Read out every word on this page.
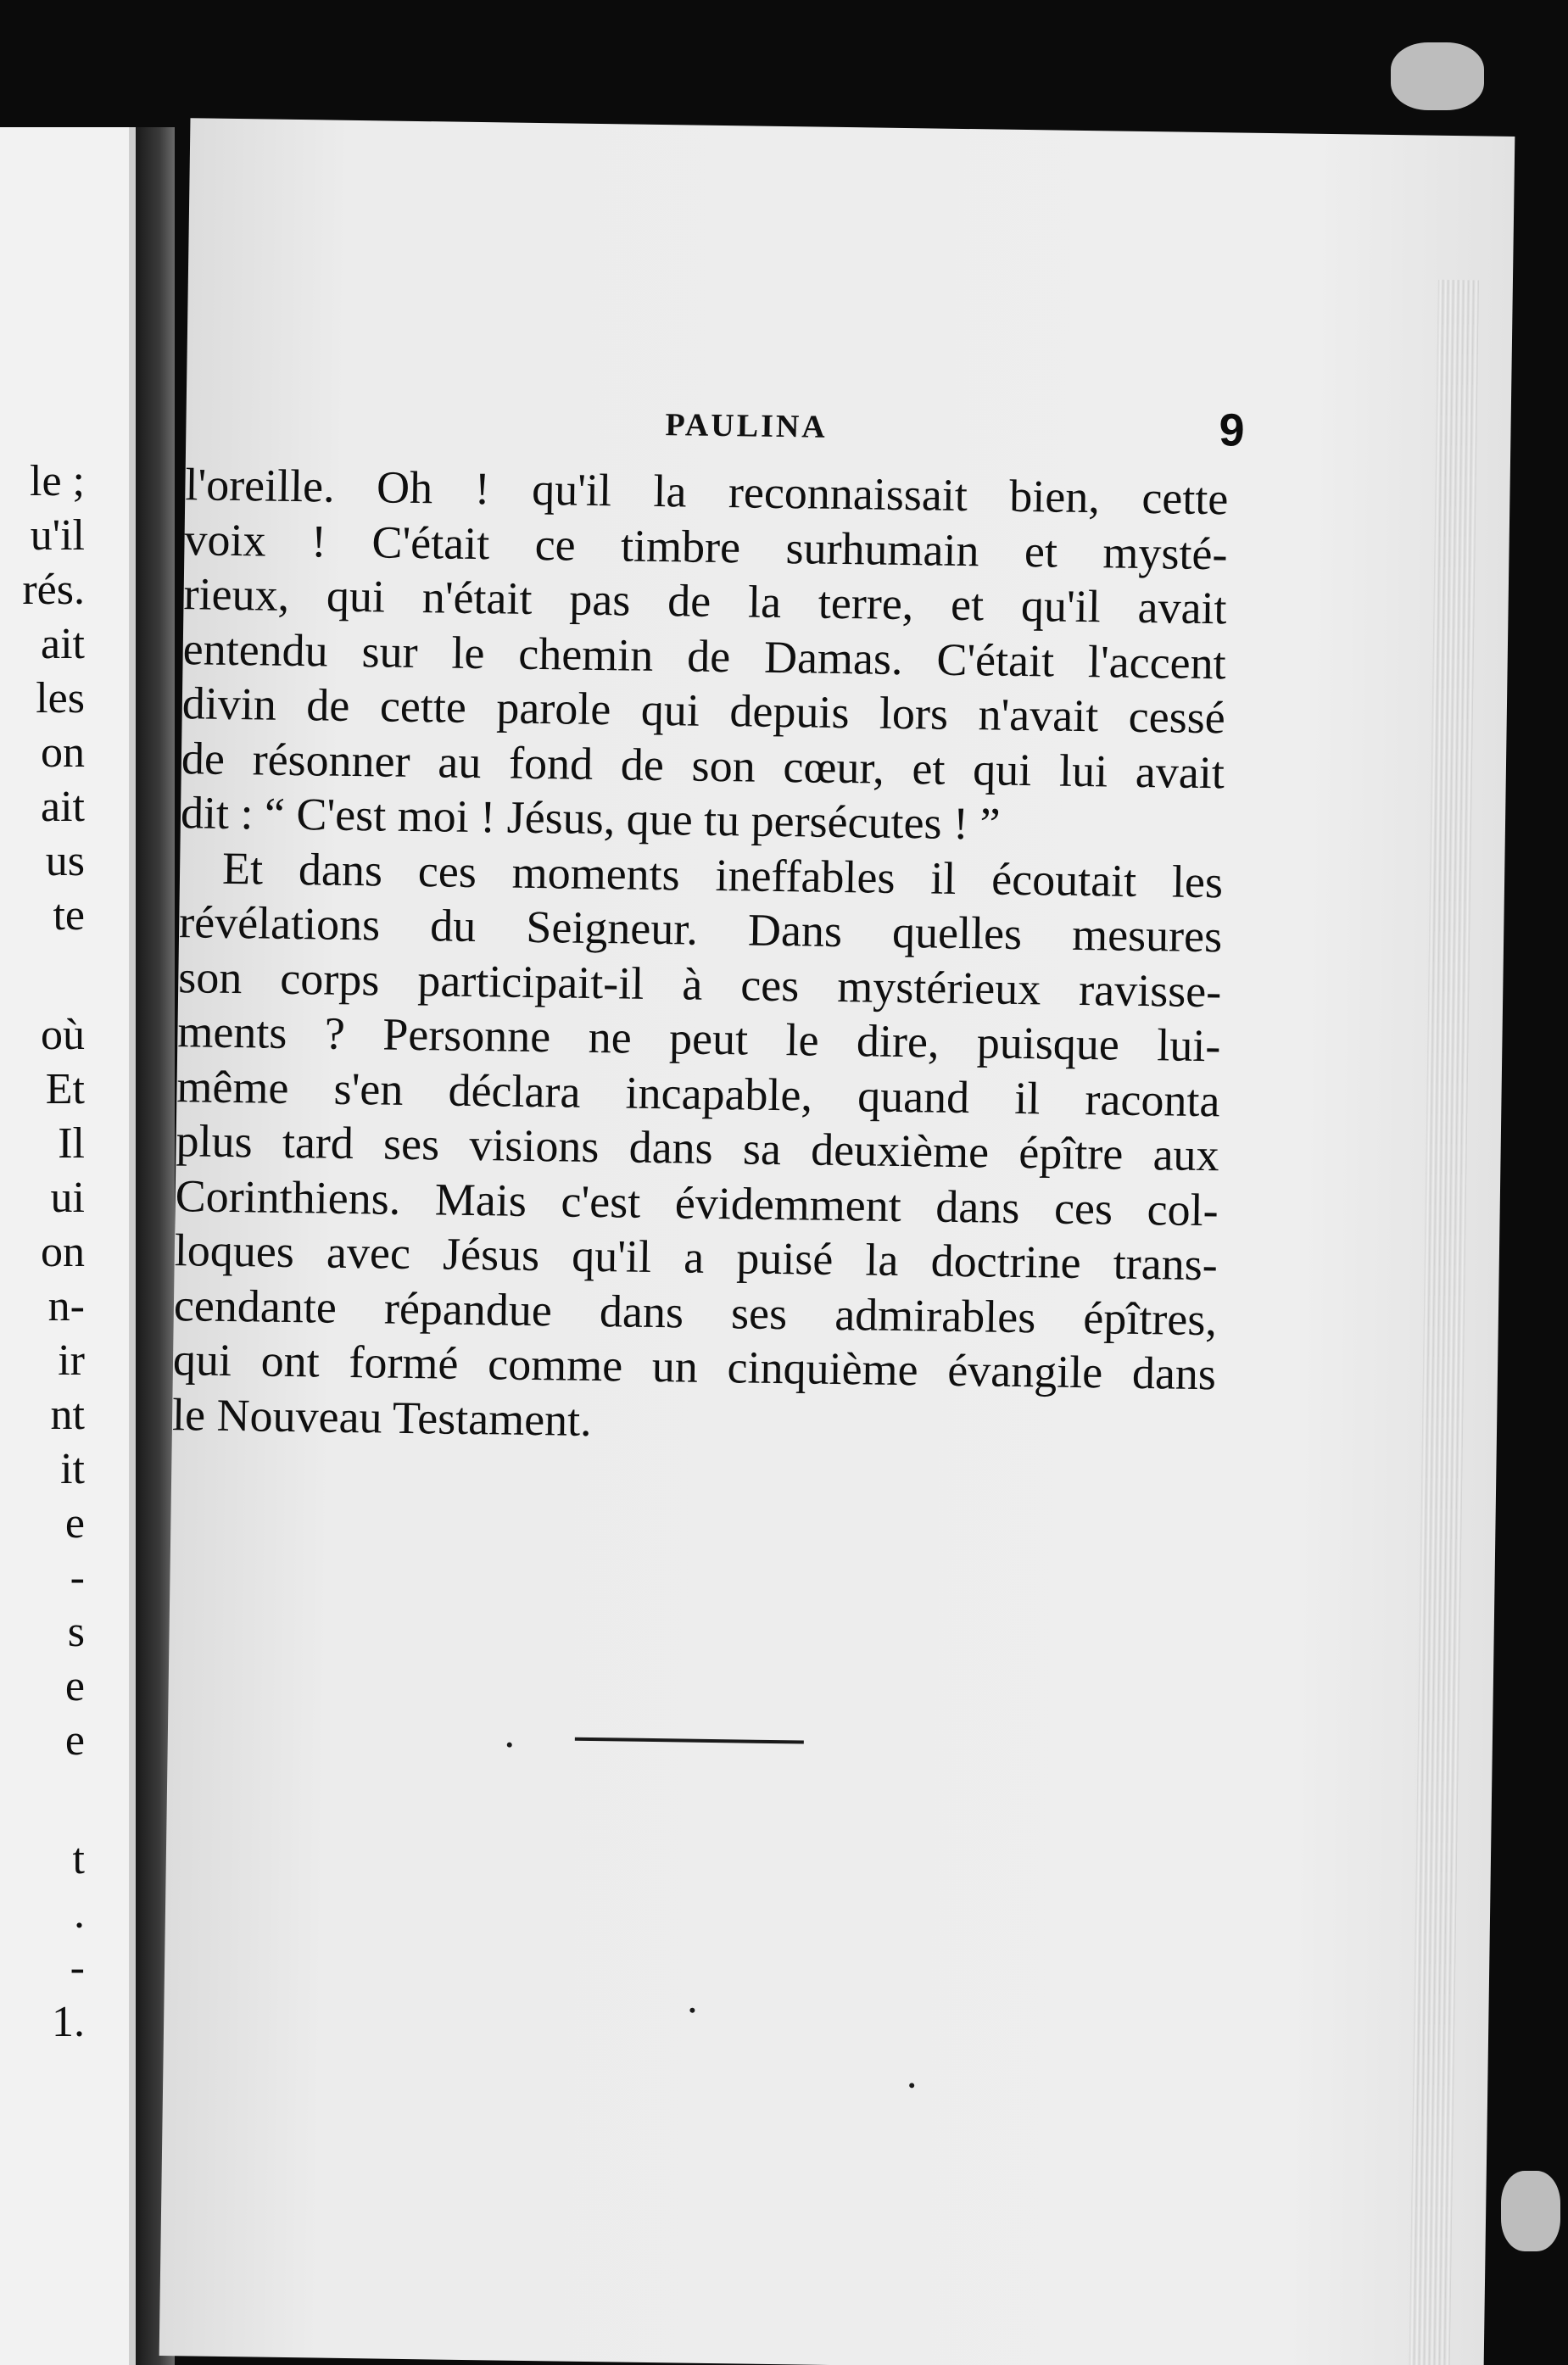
le ;
u'il
rés.
ait
les
on
ait
us
te
où
Et
Il
ui
on
n-
ir
nt
it
e
-
s
e
e
t
.
-
1.
PAULINA	9
l'oreille. Oh ! qu'il la reconnaissait bien, cette
voix ! C'était ce timbre surhumain et mysté-
rieux, qui n'était pas de la terre, et qu'il avait
entendu sur le chemin de Damas. C'était l'accent
divin de cette parole qui depuis lors n'avait cessé
de résonner au fond de son cœur, et qui lui avait
dit : “ C'est moi ! Jésus, que tu persécutes ! ”
Et dans ces moments ineffables il écoutait les
révélations du Seigneur. Dans quelles mesures
son corps participait-il à ces mystérieux ravisse-
ments ? Personne ne peut le dire, puisque lui-
même s'en déclara incapable, quand il raconta
plus tard ses visions dans sa deuxième épître aux
Corinthiens. Mais c'est évidemment dans ces col-
loques avec Jésus qu'il a puisé la doctrine trans-
cendante répandue dans ses admirables épîtres,
qui ont formé comme un cinquième évangile dans
le Nouveau Testament.
